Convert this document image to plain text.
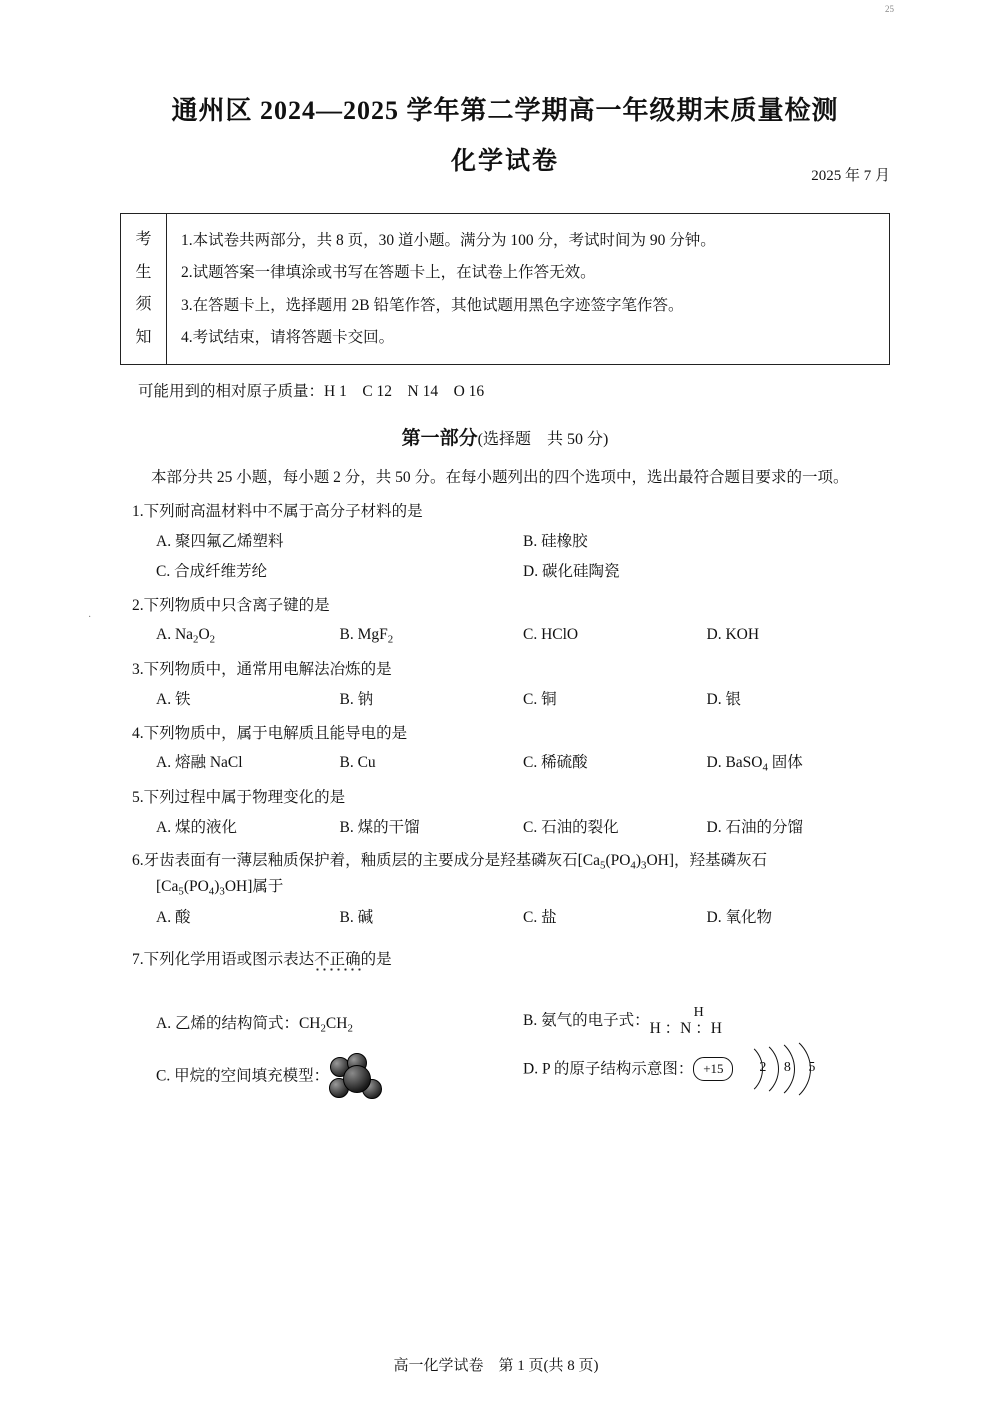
25
·
通州区 2024—2025 学年第二学期高一年级期末质量检测
化学试卷
2025 年 7 月
考
生
须
知
1.本试卷共两部分，共 8 页，30 道小题。满分为 100 分，考试时间为 90 分钟。
2.试题答案一律填涂或书写在答题卡上，在试卷上作答无效。
3.在答题卡上，选择题用 2B 铅笔作答，其他试题用黑色字迹签字笔作答。
4.考试结束，请将答题卡交回。
可能用到的相对原子质量：H 1　C 12　N 14　O 16
第一部分(选择题　共 50 分)
本部分共 25 小题，每小题 2 分，共 50 分。在每小题列出的四个选项中，选出最符合题目要求的一项。
1.下列耐高温材料中不属于高分子材料的是
A. 聚四氟乙烯塑料	B. 硅橡胶
C. 合成纤维芳纶	D. 碳化硅陶瓷
2.下列物质中只含离子键的是
A. $Na_2O_2$	B. MgF$_2$	C. HClO	D. KOH
3.下列物质中，通常用电解法冶炼的是
A. 铁	B. 钠	C. 铜	D. 银
4.下列物质中，属于电解质且能导电的是
A. 熔融 NaCl	B. Cu	C. 稀硫酸	D. BaSO$_4$ 固体
5.下列过程中属于物理变化的是
A. 煤的液化	B. 煤的干馏	C. 石油的裂化	D. 石油的分馏
6.牙齿表面有一薄层釉质保护着，釉质层的主要成分是羟基磷灰石$[Ca_5(PO_4)_3OH]$，羟基磷灰石
$[Ca_5(PO_4)_3OH]$属于
A. 酸	B. 碱	C. 盐	D. 氧化物
7.下列化学用语或图示表达不正确的是
A. 乙烯的结构简式：$CH_2CH_2$	B. 氨气的电子式：	H
H ：N ：H
C. 甲烷的空间填充模型：	D. P 的原子结构示意图： +15	2 8 5
高一化学试卷　第 1 页(共 8 页)
